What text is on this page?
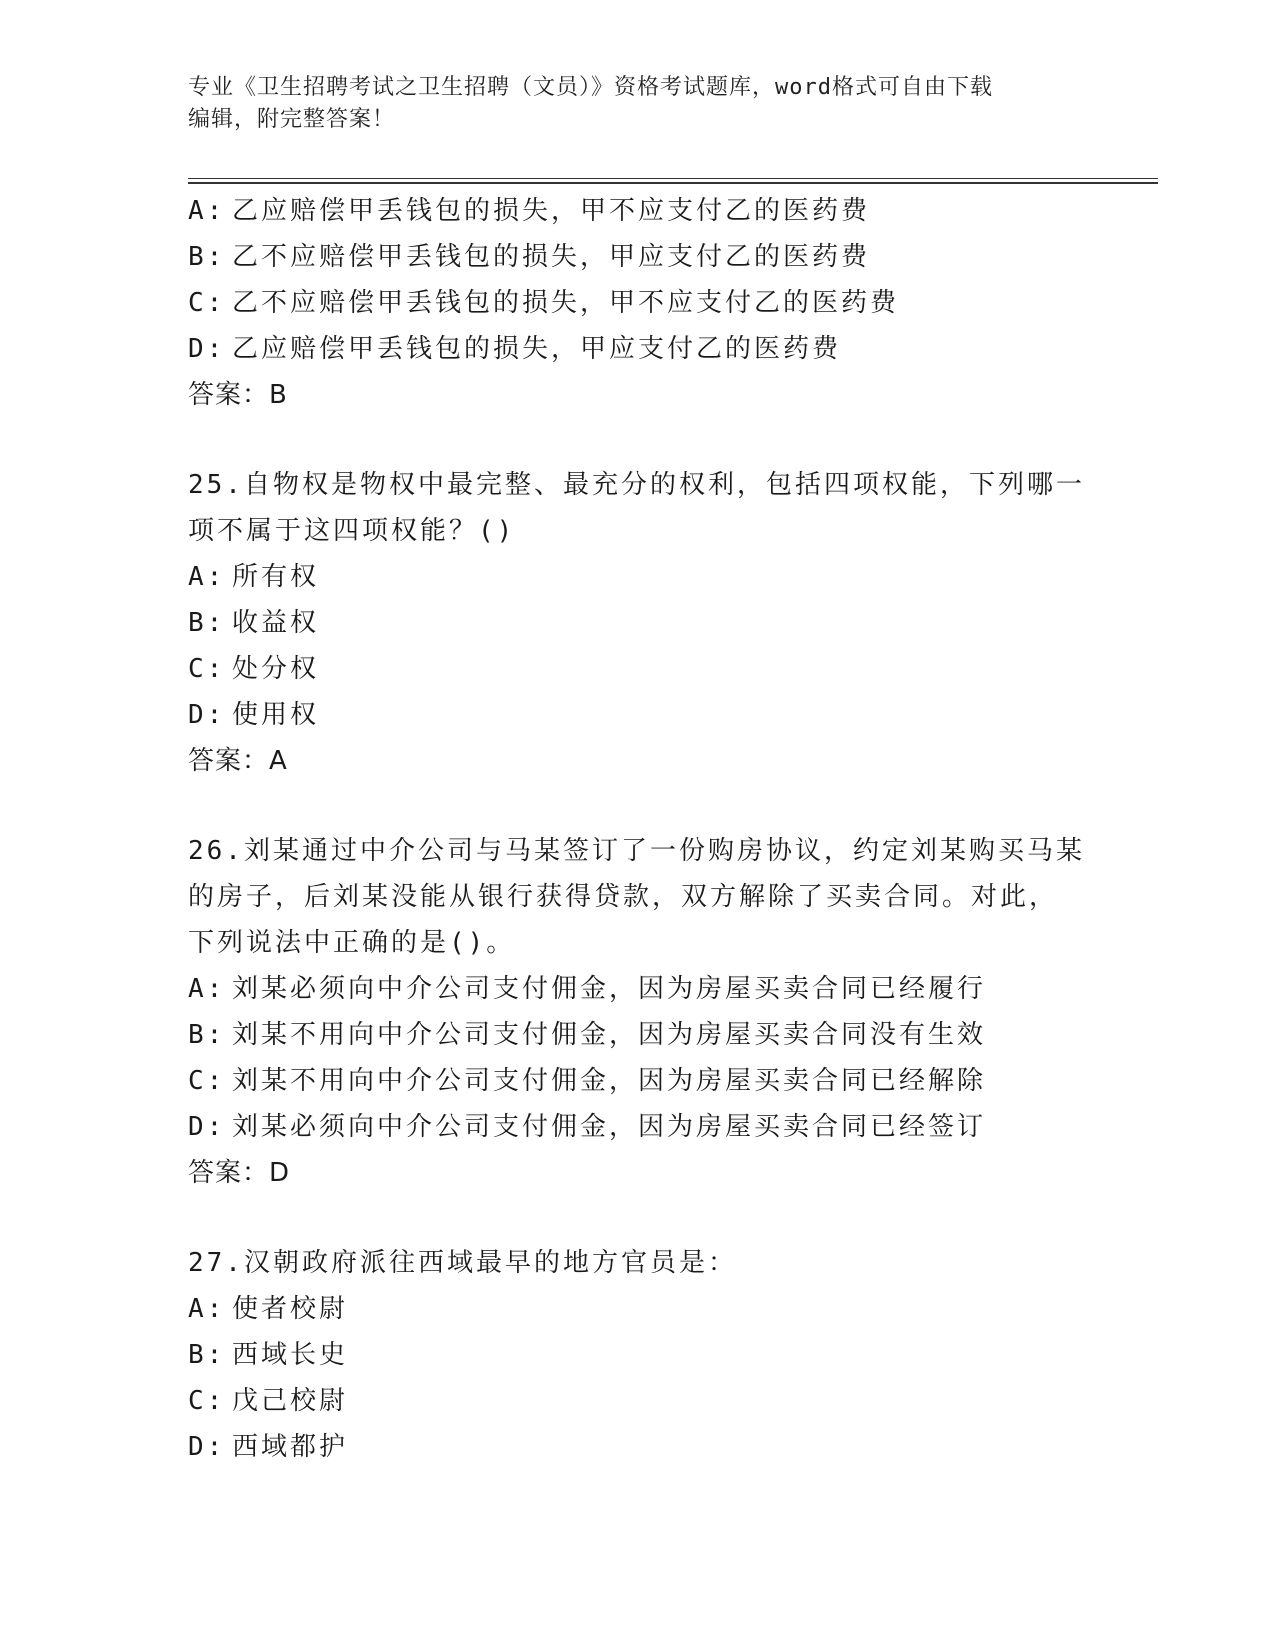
专业《卫生招聘考试之卫生招聘（文员）》资格考试题库，word格式可自由下载
编辑，附完整答案！
A: 乙应赔偿甲丢钱包的损失，甲不应支付乙的医药费
B: 乙不应赔偿甲丢钱包的损失，甲应支付乙的医药费
C: 乙不应赔偿甲丢钱包的损失，甲不应支付乙的医药费
D: 乙应赔偿甲丢钱包的损失，甲应支付乙的医药费
答案：B
25.自物权是物权中最完整、最充分的权利，包括四项权能，下列哪一
项不属于这四项权能？()
A: 所有权
B: 收益权
C: 处分权
D: 使用权
答案：A
26.刘某通过中介公司与马某签订了一份购房协议，约定刘某购买马某
的房子，后刘某没能从银行获得贷款，双方解除了买卖合同。对此，
下列说法中正确的是()。
A: 刘某必须向中介公司支付佣金，因为房屋买卖合同已经履行
B: 刘某不用向中介公司支付佣金，因为房屋买卖合同没有生效
C: 刘某不用向中介公司支付佣金，因为房屋买卖合同已经解除
D: 刘某必须向中介公司支付佣金，因为房屋买卖合同已经签订
答案：D
27.汉朝政府派往西域最早的地方官员是：
A: 使者校尉
B: 西域长史
C: 戊己校尉
D: 西域都护
